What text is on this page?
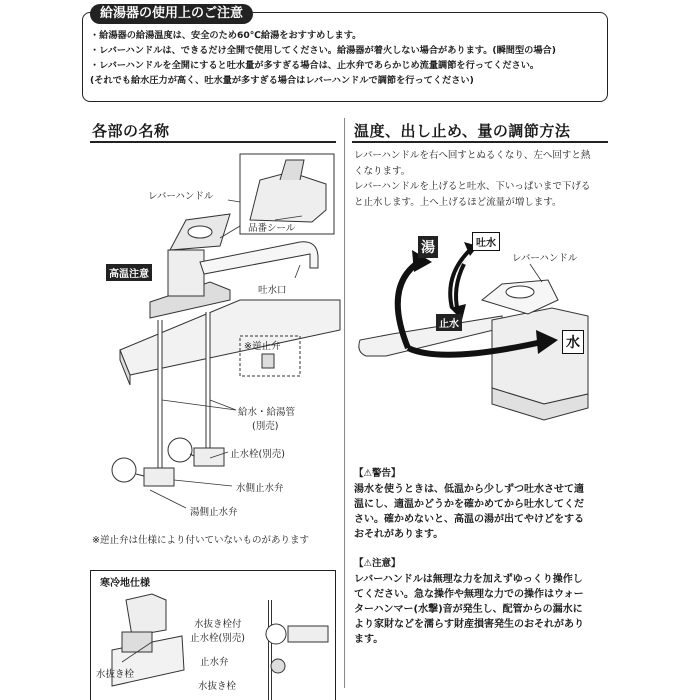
給湯器の使用上のご注意
・給湯器の給湯温度は、安全のため60℃給湯をおすすめします。
・レバーハンドルは、できるだけ全開で使用してください。給湯器が着火しない場合があります。(瞬間型の場合)
・レバーハンドルを全開にすると吐水量が多すぎる場合は、止水弁であらかじめ流量調節を行ってください。
(それでも給水圧力が高く、吐水量が多すぎる場合はレバーハンドルで調節を行ってください)
各部の名称	温度、出し止め、量の調節方法
レバーハンドル
品番シール
高温注意
吐水口
※逆止弁
給水・給湯管
(別売)
止水栓(別売)
水側止水弁
湯側止水弁
※逆止弁は仕様により付いていないものがあります
寒冷地仕様
水抜き栓付
止水栓(別売)
止水弁
水抜き栓
水抜き栓
レバーハンドルを右へ回すとぬるくなり、左へ回すと熱
くなります。
レバーハンドルを上げると吐水、下いっぱいまで下げる
と止水します。上へ上げるほど流量が増します。
湯	吐水
レバーハンドル
止水
水
【⚠警告】
湯水を使うときは、低温から少しずつ吐水させて適
温にし、適温かどうかを確かめてから吐水してくだ
さい。確かめないと、高温の湯が出てやけどをする
おそれがあります。
【⚠注意】
レバーハンドルは無理な力を加えずゆっくり操作し
てください。急な操作や無理な力での操作はウォー
ターハンマー(水撃)音が発生し、配管からの漏水に
より家財などを濡らす財産損害発生のおそれがあり
ます。
